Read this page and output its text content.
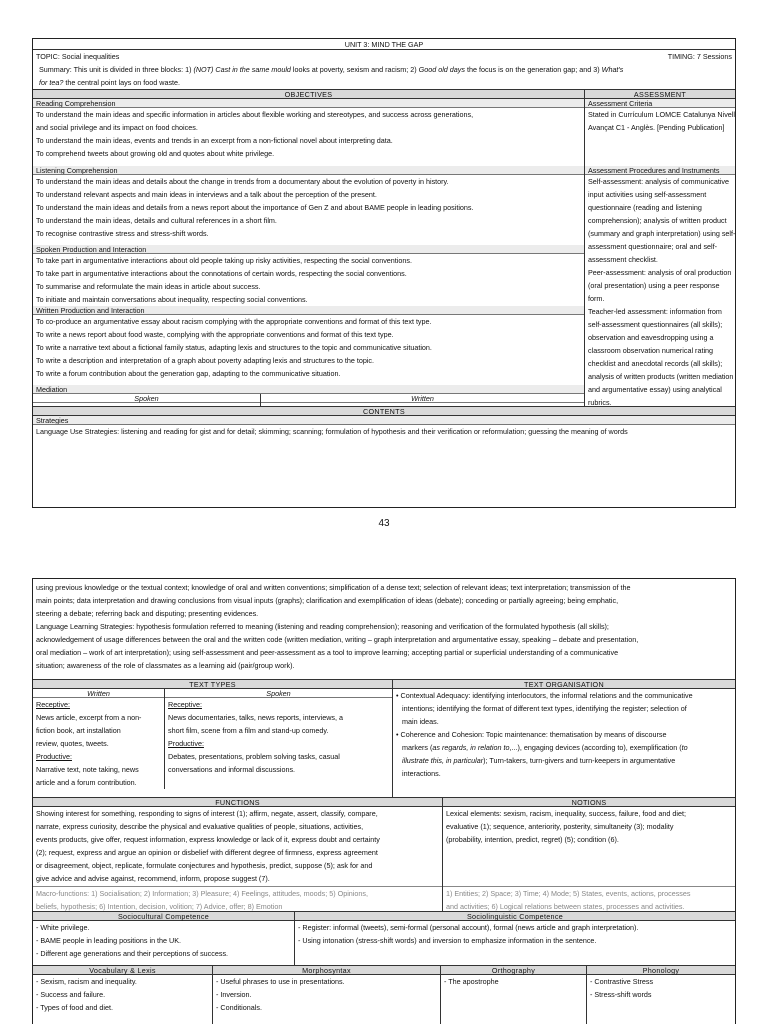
UNIT 3: MIND THE GAP
TOPIC: Social inequalities	TIMING: 7 Sessions
Summary: This unit is divided in three blocks: 1) (NOT) Cast in the same mould looks at poverty, sexism and racism; 2) Good old days the focus is on the generation gap; and 3) What's
for tea? the central point lays on food waste.
OBJECTIVES
Reading Comprehension
To understand the main ideas and specific information in articles about flexible working and stereotypes, and success across generations,
and social privilege and its impact on food choices.
To understand the main ideas, events and trends in an excerpt from a non-fictional novel about interpreting data.
To comprehend tweets about growing old and quotes about white privilege.
Listening Comprehension
To understand the main ideas and details about the change in trends from a documentary about the evolution of poverty in history.
To understand relevant aspects and main ideas in interviews and a talk about the perception of the present.
To understand the main ideas and details from a news report about the importance of Gen Z and about BAME people in leading positions.
To understand the main ideas, details and cultural references in a short film.
To recognise contrastive stress and stress-shift words.
Spoken Production and Interaction
To take part in argumentative interactions about old people taking up risky activities, respecting the social conventions.
To take part in argumentative interactions about the connotations of certain words, respecting the social conventions.
To summarise and reformulate the main ideas in article about success.
To initiate and maintain conversations about inequality, respecting social conventions.
Written Production and Interaction
To co-produce an argumentative essay about racism complying with the appropriate conventions and format of this text type.
To write a news report about food waste, complying with the appropriate conventions and format of this text type.
To write a narrative text about a fictional family status, adapting lexis and structures to the topic and communicative situation.
To write a description and interpretation of a graph about poverty adapting lexis and structures to the topic.
To write a forum contribution about the generation gap, adapting to the communicative situation.
Mediation
Spoken	Written
ASSESSMENT
Assessment Criteria
Stated in Currículum LOMCE Catalunya Nivell
Avançat C1 - Anglès. [Pending Publication]
Assessment Procedures and Instruments
Self-assessment: analysis of communicative
input activities using self-assessment
questionnaire (reading and listening
comprehension); analysis of written product
(summary and graph interpretation) using self-
assessment questionnaire; oral and self-
assessment checklist.
Peer-assessment: analysis of oral production
(oral presentation) using a peer response
form.
Teacher-led assessment: information from
self-assessment questionnaires (all skills);
observation and eavesdropping using a
classroom observation numerical rating
checklist and anecdotal records (all skills);
analysis of written products (written mediation
and argumentative essay) using analytical
rubrics.
CONTENTS
Strategies
Language Use Strategies: listening and reading for gist and for detail; skimming; scanning; formulation of hypothesis and their verification or reformulation; guessing the meaning of words
43
using previous knowledge or the textual context; knowledge of oral and written conventions; simplification of a dense text; selection of relevant ideas; text interpretation; transmission of the
main points; data interpretation and drawing conclusions from visual inputs (graphs); clarification and exemplification of ideas (debate); conceding or partially agreeing; being emphatic,
steering a debate; referring back and disputing; presenting evidences.
Language Learning Strategies: hypothesis formulation referred to meaning (listening and reading comprehension); reasoning and verification of the formulated hypothesis (all skills);
acknowledgement of usage differences between the oral and the written code (written mediation, writing – graph interpretation and argumentative essay, speaking – debate and presentation,
oral mediation – work of art interpretation); using self-assessment and peer-assessment as a tool to improve learning; accepting partial or superficial understanding of a communicative
situation; awareness of the role of classmates as a learning aid (pair/group work).
TEXT TYPES
Written
Receptive:
News article, excerpt from a non-
fiction book, art installation
review, quotes, tweets.
Productive:
Narrative text, note taking, news
article and a forum contribution.
Spoken
Receptive:
News documentaries, talks, news reports, interviews, a
short film, scene from a film and stand-up comedy.
Productive:
Debates, presentations, problem solving tasks, casual
conversations and informal discussions.
TEXT ORGANISATION
• Contextual Adequacy: identifying interlocutors, the informal relations and the communicative
intentions; identifying the format of different text types, identifying the register; selection of
main ideas.
• Coherence and Cohesion: Topic maintenance: thematisation by means of discourse
markers (as regards, in relation to,...), engaging devices (according to), exemplification (to
illustrate this, in particular); Turn-takers, turn-givers and turn-keepers in argumentative
interactions.
FUNCTIONS
Showing interest for something, responding to signs of interest (1); affirm, negate, assert, classify, compare,
narrate, express curiosity, describe the physical and evaluative qualities of people, situations, activities,
events products, give offer, request information, express knowledge or lack of it, express doubt and certainty
(2); request, express and argue an opinion or disbelief with different degree of firmness, express agreement
or disagreement, object, replicate, formulate conjectures and hypothesis, predict, suppose (5); ask for and
give advice and advise against, recommend, inform, propose suggest (7).
Macro-functions: 1) Socialisation; 2) Information; 3) Pleasure; 4) Feelings, attitudes, moods; 5) Opinions,
beliefs, hypothesis; 6) Intention, decision, volition; 7) Advice, offer; 8) Emotion
NOTIONS
Lexical elements: sexism, racism, inequality, success, failure, food and diet;
evaluative (1); sequence, anteriority, posterity, simultaneity (3); modality
(probability, intention, predict, regret) (5); condition (6).
1) Entities; 2) Space; 3) Time; 4) Mode; 5) States, events, actions, processes
and activities; 6) Logical relations between states, processes and activities.
Sociocultural Competence
- White privilege.
- BAME people in leading positions in the UK.
- Different age generations and their perceptions of success.
Sociolinguistic Competence
- Register: informal (tweets), semi-formal (personal account), formal (news article and graph interpretation).
- Using intonation (stress-shift words) and inversion to emphasize information in the sentence.
Vocabulary & Lexis
- Sexism, racism and inequality.
- Success and failure.
- Types of food and diet.
Morphosyntax
- Useful phrases to use in presentations.
- Inversion.
- Conditionals.
Orthography
- The apostrophe
Phonology
- Contrastive Stress
- Stress-shift words
